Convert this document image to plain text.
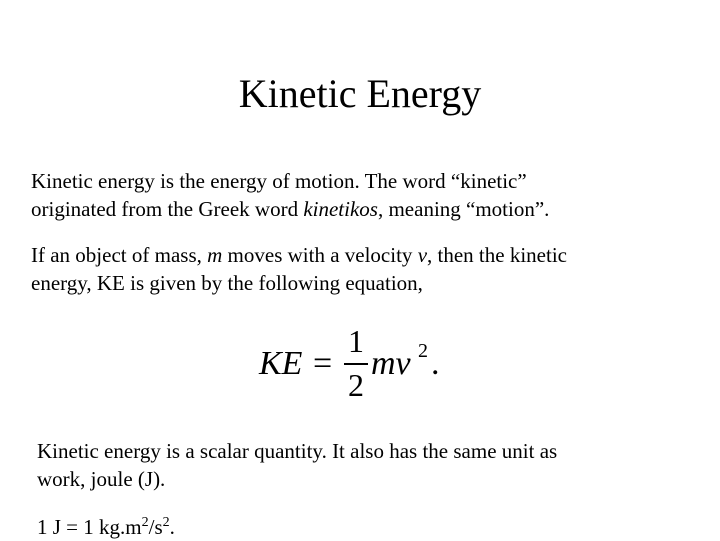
Kinetic Energy
Kinetic energy is the energy of motion. The word “kinetic”
originated from the Greek word kinetikos, meaning “motion”.
If an object of mass, m moves with a velocity v, then the kinetic
energy, KE is given by the following equation,
KE =
1
2
mv 2 .
Kinetic energy is a scalar quantity. It also has the same unit as
work, joule (J).
1 J = 1 $kg.m^2/s^2$.
